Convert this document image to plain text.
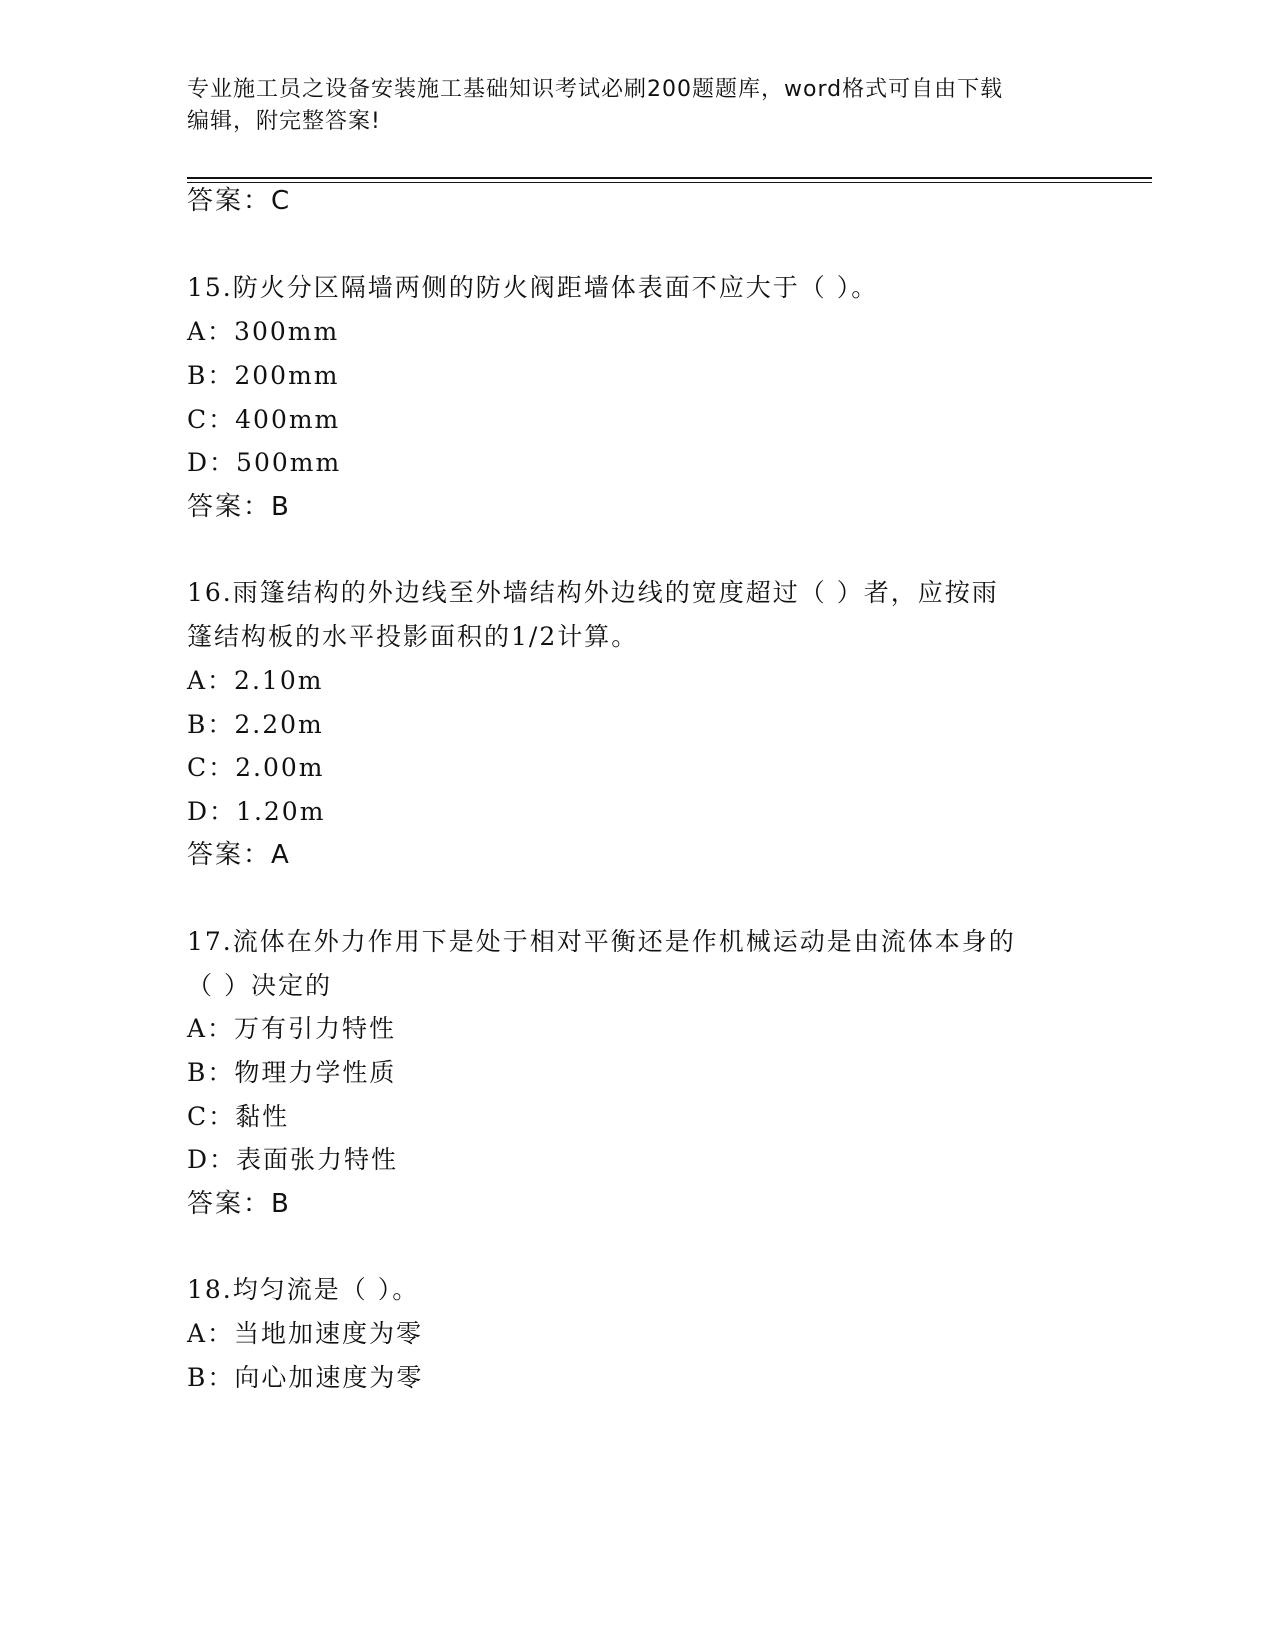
专业施工员之设备安装施工基础知识考试必刷200题题库，word格式可自由下载
编辑，附完整答案!
答案：C
15.防火分区隔墙两侧的防火阀距墙体表面不应大于（ ）。
A：300mm
B：200mm
C：400mm
D：500mm
答案：B
16.雨篷结构的外边线至外墙结构外边线的宽度超过（ ）者，应按雨
篷结构板的水平投影面积的1/2计算。
A：2.10m
B：2.20m
C：2.00m
D：1.20m
答案：A
17.流体在外力作用下是处于相对平衡还是作机械运动是由流体本身的
（ ）决定的
A：万有引力特性
B：物理力学性质
C：黏性
D：表面张力特性
答案：B
18.均匀流是（ ）。
A：当地加速度为零
B：向心加速度为零
